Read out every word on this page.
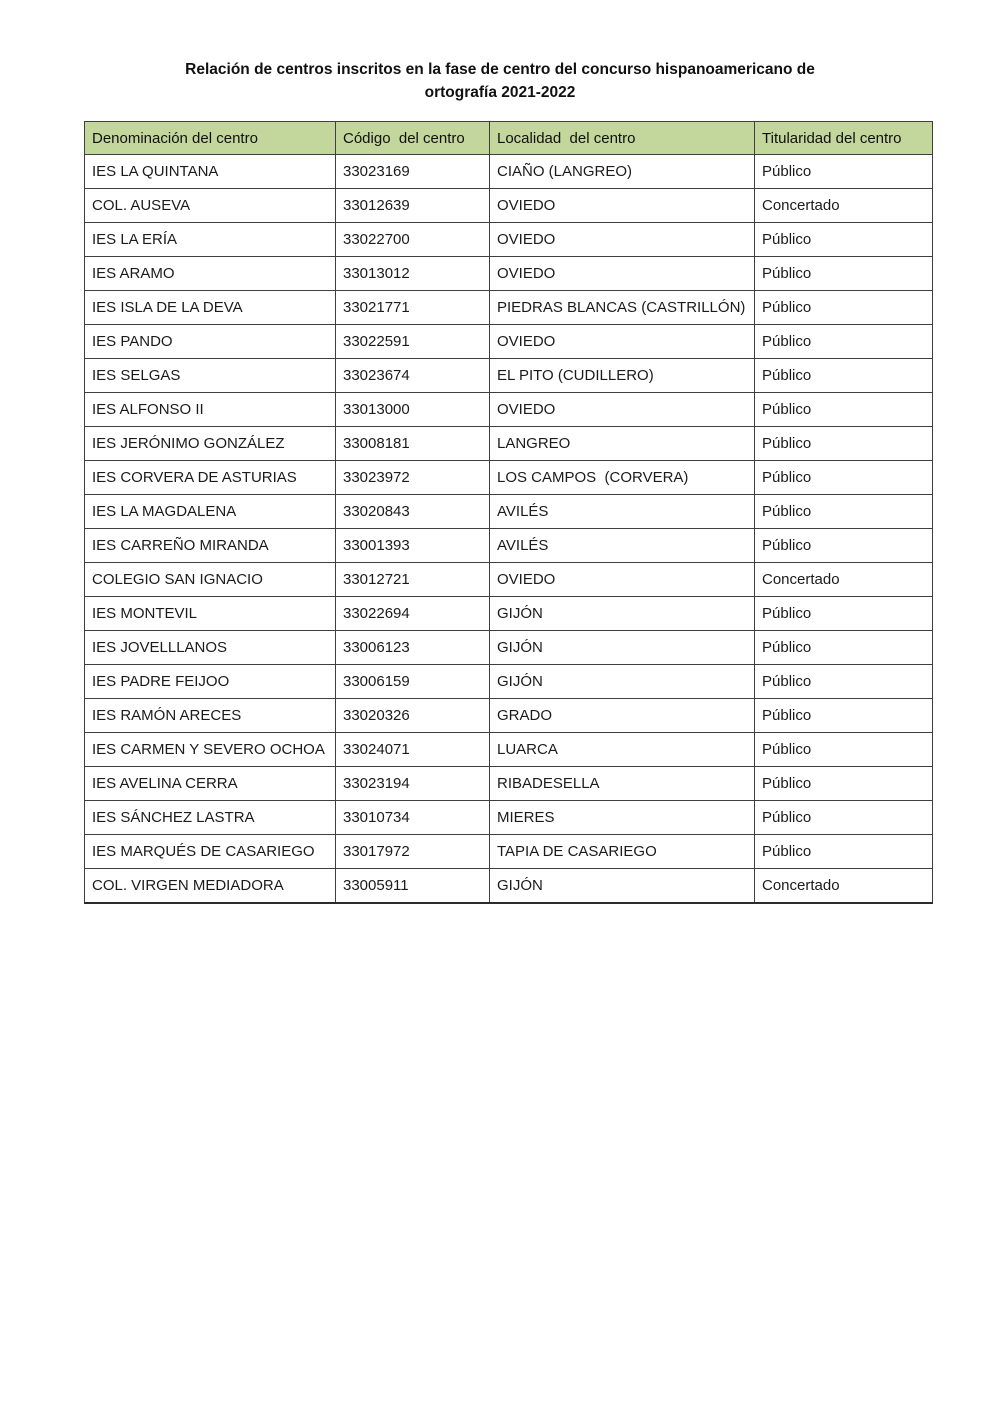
Relación de centros inscritos en la fase de centro del concurso hispanoamericano de
ortografía 2021-2022
Denominación del centro	Código  del centro	Localidad  del centro	Titularidad del centro
IES LA QUINTANA	33023169	CIAÑO (LANGREO)	Público
COL. AUSEVA	33012639	OVIEDO	Concertado
IES LA ERÍA	33022700	OVIEDO	Público
IES ARAMO	33013012	OVIEDO	Público
IES ISLA DE LA DEVA	33021771	PIEDRAS BLANCAS (CASTRILLÓN)	Público
IES PANDO	33022591	OVIEDO	Público
IES SELGAS	33023674	EL PITO (CUDILLERO)	Público
IES ALFONSO II	33013000	OVIEDO	Público
IES JERÓNIMO GONZÁLEZ	33008181	LANGREO	Público
IES CORVERA DE ASTURIAS	33023972	LOS CAMPOS  (CORVERA)	Público
IES LA MAGDALENA	33020843	AVILÉS	Público
IES CARREÑO MIRANDA	33001393	AVILÉS	Público
COLEGIO SAN IGNACIO	33012721	OVIEDO	Concertado
IES MONTEVIL	33022694	GIJÓN	Público
IES JOVELLLANOS	33006123	GIJÓN	Público
IES PADRE FEIJOO	33006159	GIJÓN	Público
IES RAMÓN ARECES	33020326	GRADO	Público
IES CARMEN Y SEVERO OCHOA	33024071	LUARCA	Público
IES AVELINA CERRA	33023194	RIBADESELLA	Público
IES SÁNCHEZ LASTRA	33010734	MIERES	Público
IES MARQUÉS DE CASARIEGO	33017972	TAPIA DE CASARIEGO	Público
COL. VIRGEN MEDIADORA	33005911	GIJÓN	Concertado
